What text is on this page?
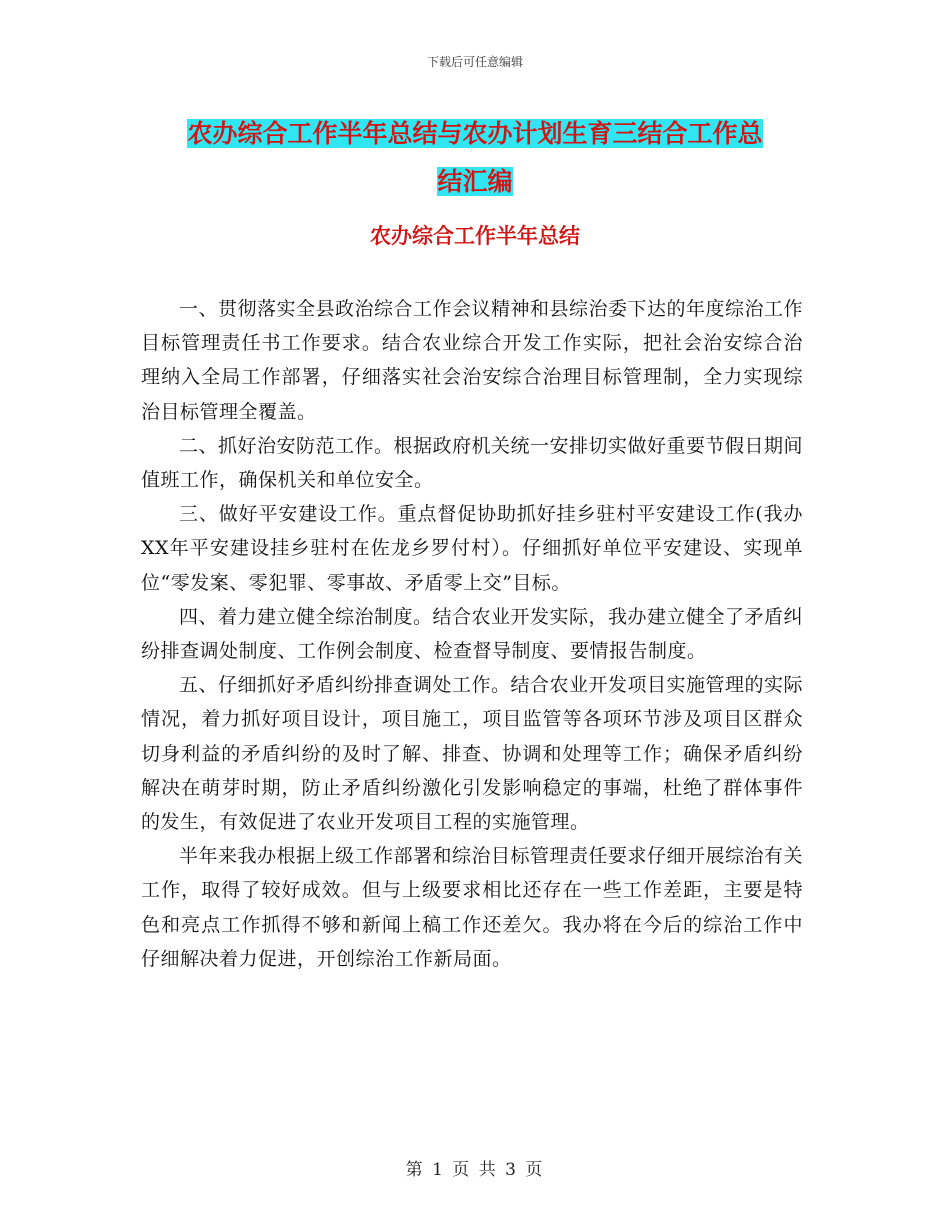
下载后可任意编辑
农办综合工作半年总结与农办计划生育三结合工作总
结汇编
农办综合工作半年总结

一、贯彻落实全县政治综合工作会议精神和县综治委下达的年度综治工作目标管理责任书工作要求。结合农业综合开发工作实际，把社会治安综合治理纳入全局工作部署，仔细落实社会治安综合治理目标管理制，全力实现综治目标管理全覆盖。

二、抓好治安防范工作。根据政府机关统一安排切实做好重要节假日期间值班工作，确保机关和单位安全。

三、做好平安建设工作。重点督促协助抓好挂乡驻村平安建设工作(我办XX年平安建设挂乡驻村在佐龙乡罗付村）。仔细抓好单位平安建设、实现单位“零发案、零犯罪、零事故、矛盾零上交”目标。

四、着力建立健全综治制度。结合农业开发实际，我办建立健全了矛盾纠纷排查调处制度、工作例会制度、检查督导制度、要情报告制度。

五、仔细抓好矛盾纠纷排查调处工作。结合农业开发项目实施管理的实际情况，着力抓好项目设计，项目施工，项目监管等各项环节涉及项目区群众切身利益的矛盾纠纷的及时了解、排查、协调和处理等工作；确保矛盾纠纷解决在萌芽时期，防止矛盾纠纷激化引发影响稳定的事端，杜绝了群体事件的发生，有效促进了农业开发项目工程的实施管理。

半年来我办根据上级工作部署和综治目标管理责任要求仔细开展综治有关工作，取得了较好成效。但与上级要求相比还存在一些工作差距，主要是特色和亮点工作抓得不够和新闻上稿工作还差欠。我办将在今后的综治工作中仔细解决着力促进，开创综治工作新局面。

第 1 页 共 3 页
